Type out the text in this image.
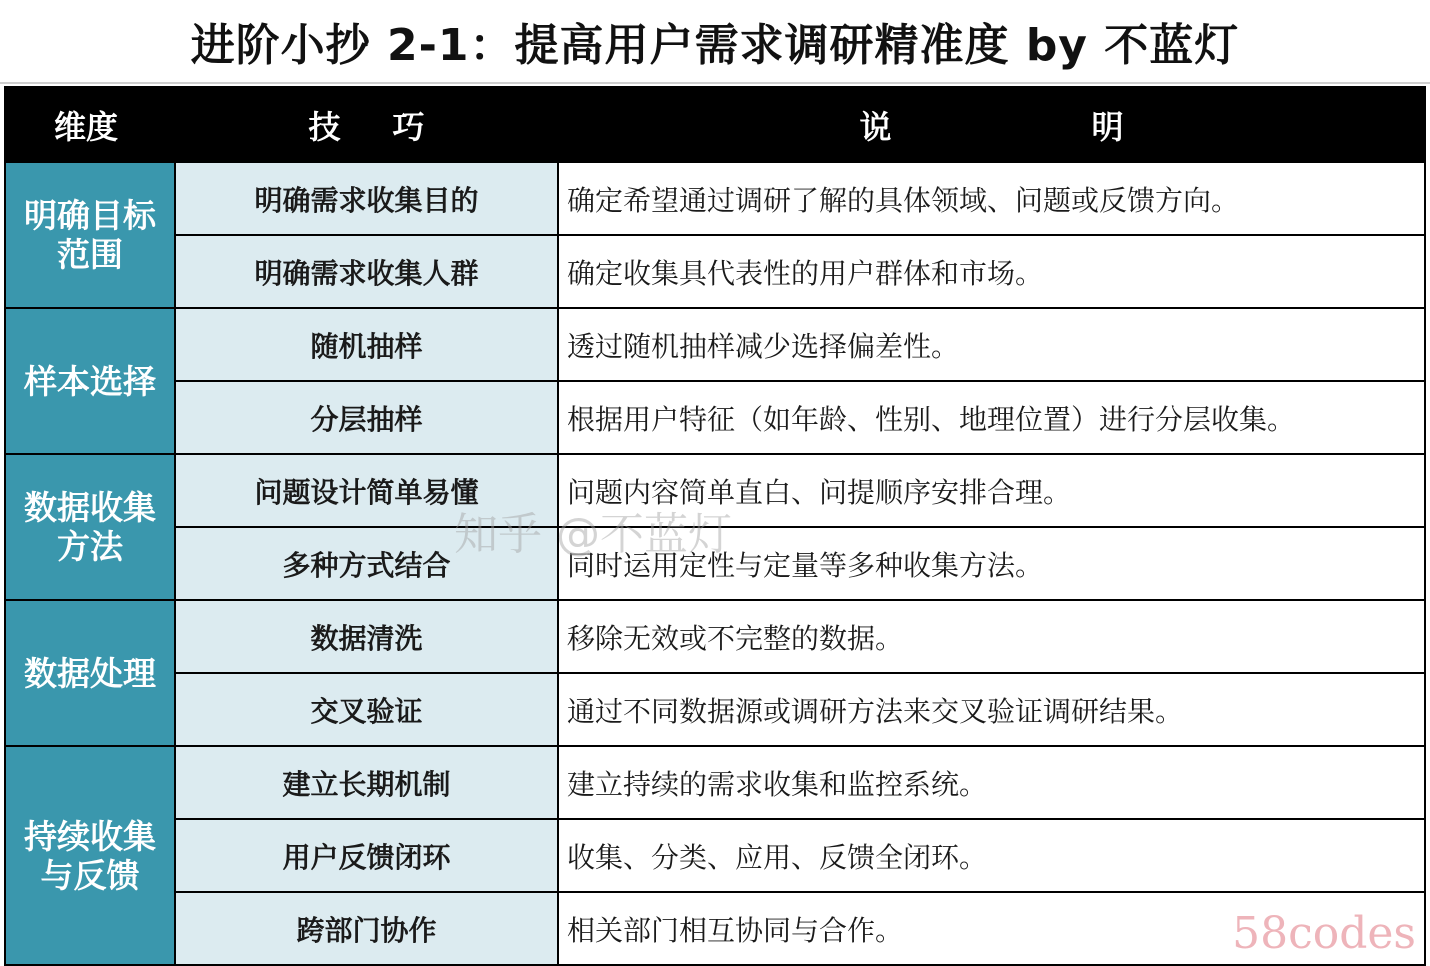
进阶小抄 2-1：提高用户需求调研精准度 by 不蓝灯
维度	技巧	说明
明确目标范围	明确需求收集目的	确定希望通过调研了解的具体领域、问题或反馈方向。
	明确需求收集人群	确定收集具代表性的用户群体和市场。
样本选择	随机抽样	透过随机抽样减少选择偏差性。
	分层抽样	根据用户特征（如年龄、性别、地理位置）进行分层收集。
数据收集方法	问题设计简单易懂	问题内容简单直白、问提顺序安排合理。
	多种方式结合	同时运用定性与定量等多种收集方法。
数据处理	数据清洗	移除无效或不完整的数据。
	交叉验证	通过不同数据源或调研方法来交叉验证调研结果。
持续收集与反馈	建立长期机制	建立持续的需求收集和监控系统。
	用户反馈闭环	收集、分类、应用、反馈全闭环。
	跨部门协作	相关部门相互协同与合作。
知乎 @不蓝灯
58codes
